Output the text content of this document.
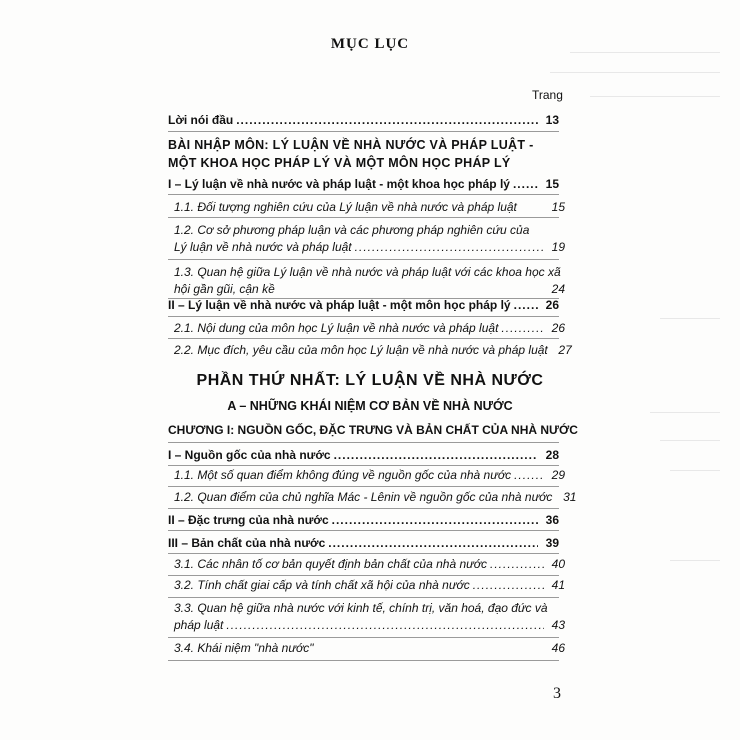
MỤC LỤC
Trang
Lời nói đầu .....	13
BÀI NHẬP MÔN: LÝ LUẬN VỀ NHÀ NƯỚC VÀ PHÁP LUẬT - MỘT KHOA HỌC PHÁP LÝ VÀ MỘT MÔN HỌC PHÁP LÝ
I – Lý luận về nhà nước và pháp luật - một khoa học pháp lý .....	15
1.1. Đối tượng nghiên cứu của Lý luận về nhà nước và pháp luật	15
1.2. Cơ sở phương pháp luận và các phương pháp nghiên cứu của
Lý luận về nhà nước và pháp luật .....	19
1.3. Quan hệ giữa Lý luận về nhà nước và pháp luật với các khoa học xã
hội gần gũi, cận kề	24
II – Lý luận về nhà nước và pháp luật - một môn học pháp lý .....	26
2.1. Nội dung của môn học Lý luận về nhà nước và pháp luật .....	26
2.2. Mục đích, yêu cầu của môn học Lý luận về nhà nước và pháp luật 27
PHẦN THỨ NHẤT: LÝ LUẬN VỀ NHÀ NƯỚC
A – NHỮNG KHÁI NIỆM CƠ BẢN VỀ NHÀ NƯỚC
CHƯƠNG I: NGUỒN GỐC, ĐẶC TRƯNG VÀ BẢN CHẤT CỦA NHÀ NƯỚC
I – Nguồn gốc của nhà nước .....	28
1.1. Một số quan điểm không đúng về nguồn gốc của nhà nước .....	29
1.2. Quan điểm của chủ nghĩa Mác - Lênin về nguồn gốc của nhà nước 31
II – Đặc trưng của nhà nước .....	36
III – Bản chất của nhà nước .....	39
3.1. Các nhân tố cơ bản quyết định bản chất của nhà nước .....	40
3.2. Tính chất giai cấp và tính chất xã hội của nhà nước .....	41
3.3. Quan hệ giữa nhà nước với kinh tế, chính trị, văn hoá, đạo đức và
pháp luật .....	43
3.4. Khái niệm "nhà nước"	46
3
